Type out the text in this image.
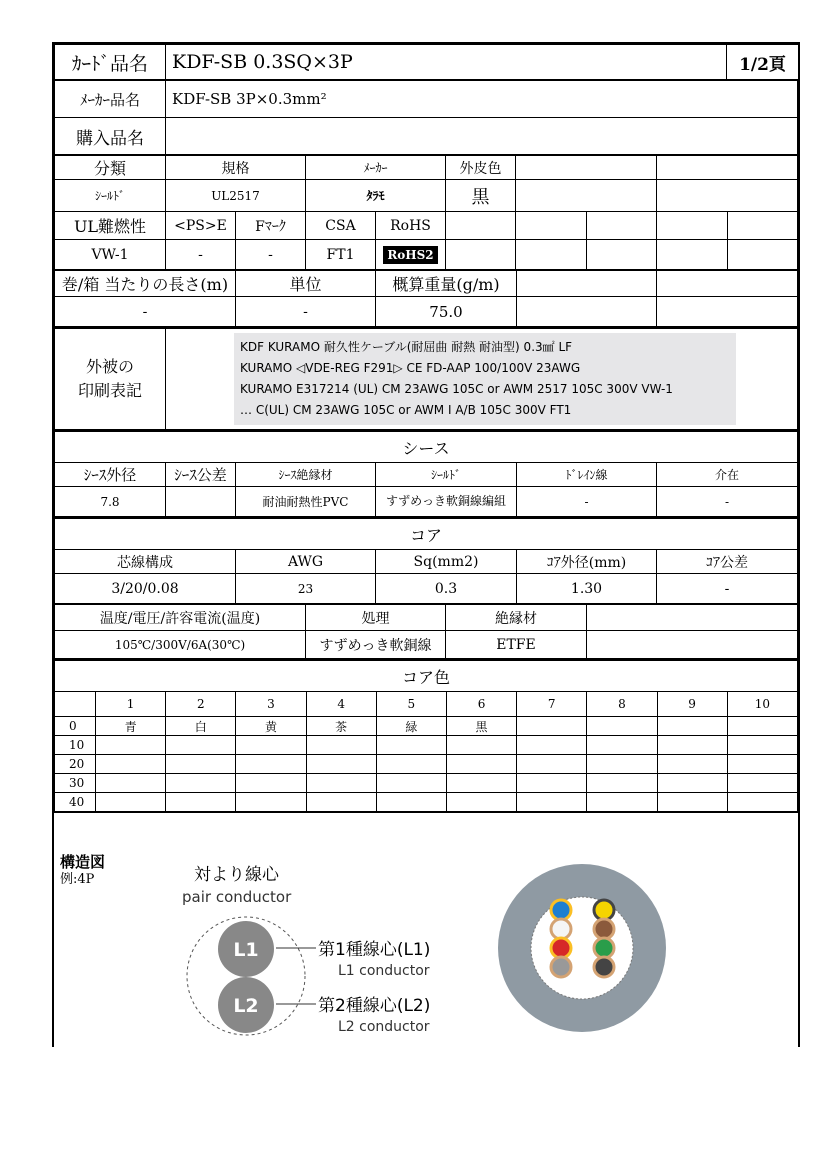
ｶｰﾄﾞ品名	KDF-SB 0.3SQ×3P	1/2頁
ﾒｰｶｰ品名	KDF-SB 3P×0.3mm²
購入品名	
分類	規格		ﾒｰｶｰ		外皮色				
ｼｰﾙﾄﾞ	UL2517		ﾀﾗﾓ		黒				
UL難燃性	<PS>E	Fﾏｰｸ	CSA	RoHS					
VW-1	-	-	FT1	RoHS2					
巻/箱 当たりの長さ(m)	単位	概算重量(g/m)		
-	-	75.0		
外被の
印刷表記

KDF KURAMO 耐久性ケーブル(耐屈曲 耐熱 耐油型) 0.3㎟ LF
KURAMO ◁VDE-REG F291▷ CE FD-AAP 100/100V 23AWG
KURAMO E317214 (UL) CM 23AWG 105C or AWM 2517 105C 300V VW-1
… C(UL) CM 23AWG 105C or AWM I A/B 105C 300V FT1
シース					
ｼｰｽ外径	ｼｰｽ公差	ｼｰｽ絶縁材	ｼｰﾙﾄﾞ	ﾄﾞﾚｲﾝ線	介在
7.8		耐油耐熱性PVC	すずめっき軟銅線編組	-	-
コア				
芯線構成	AWG	Sq(mm2)	ｺｱ外径(mm)	ｺｱ公差
3/20/0.08	23	0.3	1.30	-
温度/電圧/許容電流(温度)	処理	絶縁材	
105℃/300V/6A(30℃)	すずめっき軟銅線	ETFE	
コア色										
	1	2	3	4	5	6	7	8	9	10
0	青	白	黄	茶	緑	黒				
10										
20										
30										
40										
構造図
例:4P	対より線心
pair conductor
L1
L2
第1種線心(L1)
L1 conductor
第2種線心(L2)
L2 conductor
